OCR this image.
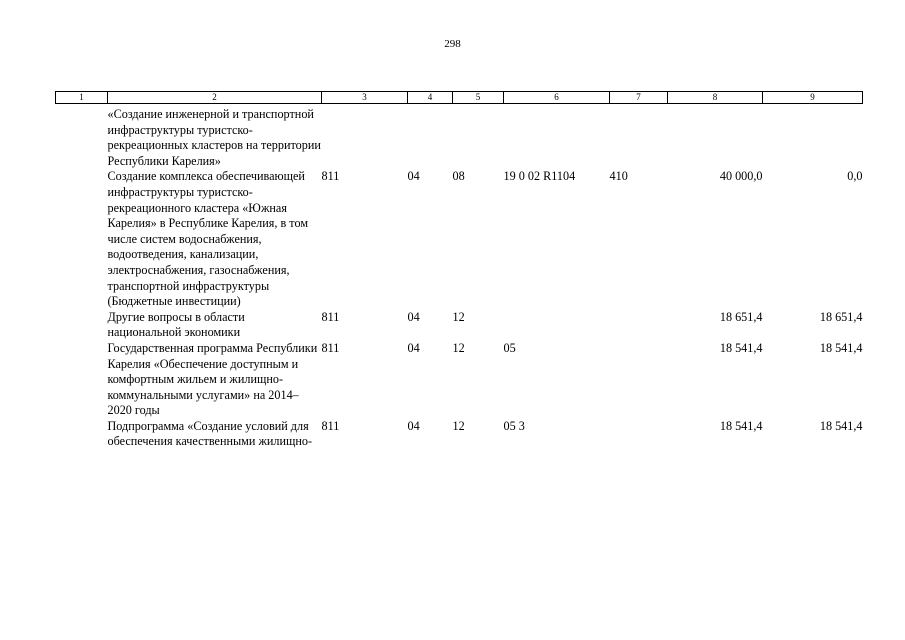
298
1	2	3	4	5	6	7	8	9

	«Создание инженерной и транспортной инфраструктуры туристско-рекреационных кластеров на территории Республики Карелия»							
	Создание комплекса обеспечивающей инфраструктуры туристско-рекреационного кластера «Южная Карелия» в Республике Карелия, в том числе систем водоснабжения, водоотведения, канализации, электроснабжения, газоснабжения, транспортной инфраструктуры (Бюджетные инвестиции)	811	04	08	19 0 02 R1104	410	40 000,0	0,0
	Другие вопросы в области национальной экономики	811	04	12			18 651,4	18 651,4
	Государственная программа Республики Карелия «Обеспечение доступным и комфортным жильем и жилищно-коммунальными услугами» на 2014–2020 годы	811	04	12	05		18 541,4	18 541,4
	Подпрограмма «Создание условий для обеспечения качественными жилищно-	811	04	12	05 3		18 541,4	18 541,4
